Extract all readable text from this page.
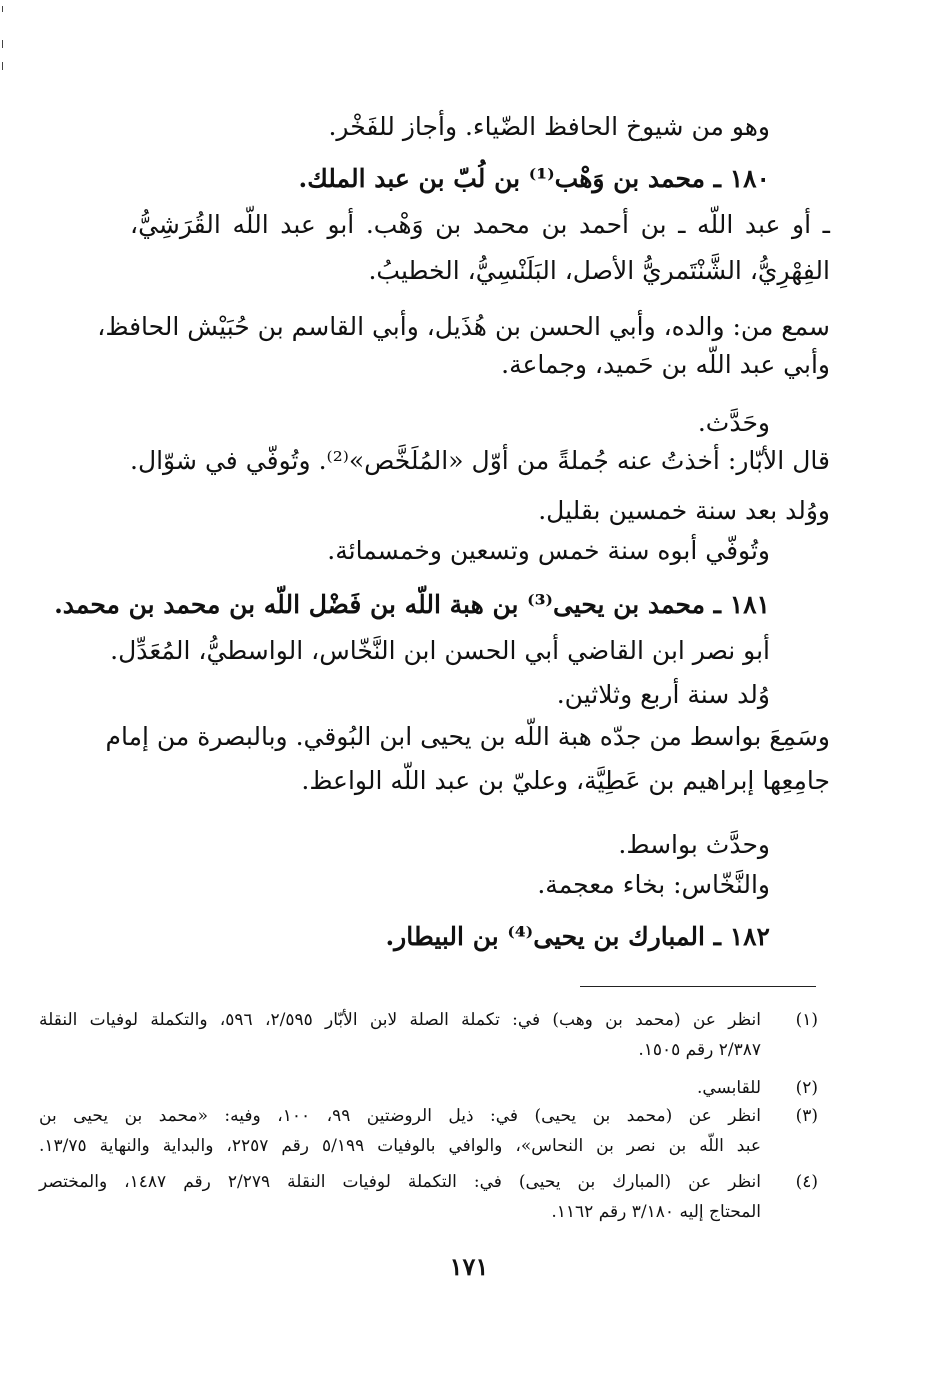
وهو من شيوخ الحافظ الضّياء. وأجاز للفَخْر.
١٨٠ ـ محمد بن وَهْب⁽¹⁾ بن لُبّ بن عبد الملك.
ـ أو عبد اللّه ـ بن أحمد بن محمد بن وَهْب. أبو عبد اللّه القُرَشِيُّ،
الفِهْرِيُّ، الشَّنْتَمريُّ الأصل، البَلَنْسِيُّ، الخطيبُ.
سمع من: والده، وأبي الحسن بن هُذَيل، وأبي القاسم بن حُبَيْش الحافظ،
وأبي عبد اللّه بن حَميد، وجماعة.
وحَدَّث.
قال الأبّار: أخذتُ عنه جُملةً من أوّل «المُلَخَّص»⁽²⁾. وتُوفّي في شوّال.
ووُلد بعد سنة خمسين بقليل.
وتُوفّي أبوه سنة خمس وتسعين وخمسمائة.
١٨١ ـ محمد بن يحيى⁽³⁾ بن هبة اللّه بن فَضْل اللّه بن محمد بن محمد.
أبو نصر ابن القاضي أبي الحسن ابن النَّخّاس، الواسطيُّ، المُعَدِّل.
وُلد سنة أربع وثلاثين.
وسَمِعَ بواسط من جدّه هبة اللّه بن يحيى ابن البُوقي. وبالبصرة من إمام
جامِعِها إبراهيم بن عَطِيَّة، وعليّ بن عبد اللّه الواعظ.
وحدَّث بواسط.
والنَّخّاس: بخاء معجمة.
١٨٢ ـ المبارك بن يحيى⁽⁴⁾ بن البيطار.
(١)
انظر عن (محمد بن وهب) في: تكملة الصلة لابن الأبّار ٢/٥٩٥، ٥٩٦، والتكملة لوفيات النقلة
٢/٣٨٧ رقم ١٥٠٥.
(٢)
للقابسي.
(٣)
انظر عن (محمد بن يحيى) في: ذيل الروضتين ٩٩، ١٠٠، وفيه: «محمد بن يحيى بن
عبد اللّه بن نصر بن النحاس»، والوافي بالوفيات ٥/١٩٩ رقم ٢٢٥٧، والبداية والنهاية ١٣/٧٥.
(٤)
انظر عن (المبارك بن يحيى) في: التكملة لوفيات النقلة ٢/٢٧٩ رقم ١٤٨٧، والمختصر
المحتاج إليه ٣/١٨٠ رقم ١١٦٢.
١٧١
